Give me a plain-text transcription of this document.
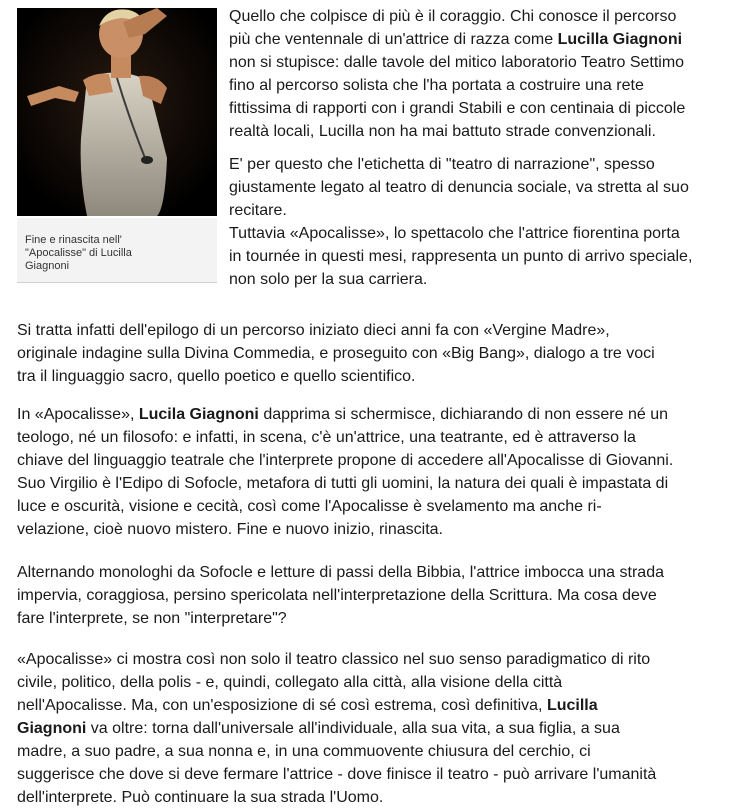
Fine e rinascita nell'
"Apocalisse" di Lucilla
Giagnoni

Quello che colpisce di più è il coraggio. Chi conosce il percorso
più che ventennale di un'attrice di razza come Lucilla Giagnoni
non si stupisce: dalle tavole del mitico laboratorio Teatro Settimo
fino al percorso solista che l'ha portata a costruire una rete
fittissima di rapporti con i grandi Stabili e con centinaia di piccole
realtà locali, Lucilla non ha mai battuto strade convenzionali.

E' per questo che l'etichetta di "teatro di narrazione", spesso
giustamente legato al teatro di denuncia sociale, va stretta al suo
recitare.

Tuttavia «Apocalisse», lo spettacolo che l'attrice fiorentina porta
in tournée in questi mesi, rappresenta un punto di arrivo speciale,
non solo per la sua carriera.

Si tratta infatti dell'epilogo di un percorso iniziato dieci anni fa con «Vergine Madre»,
originale indagine sulla Divina Commedia, e proseguito con «Big Bang», dialogo a tre voci
tra il linguaggio sacro, quello poetico e quello scientifico.

In «Apocalisse», Lucila Giagnoni dapprima si schermisce, dichiarando di non essere né un
teologo, né un filosofo: e infatti, in scena, c'è un'attrice, una teatrante, ed è attraverso la
chiave del linguaggio teatrale che l'interprete propone di accedere all'Apocalisse di Giovanni.
Suo Virgilio è l'Edipo di Sofocle, metafora di tutti gli uomini, la natura dei quali è impastata di
luce e oscurità, visione e cecità, così come l'Apocalisse è svelamento ma anche ri-
velazione, cioè nuovo mistero. Fine e nuovo inizio, rinascita.

Alternando monologhi da Sofocle e letture di passi della Bibbia, l'attrice imbocca una strada
impervia, coraggiosa, persino spericolata nell'interpretazione della Scrittura. Ma cosa deve
fare l'interprete, se non "interpretare"?

«Apocalisse» ci mostra così non solo il teatro classico nel suo senso paradigmatico di rito
civile, politico, della polis - e, quindi, collegato alla città, alla visione della città
nell'Apocalisse. Ma, con un'esposizione di sé così estrema, così definitiva, Lucilla
Giagnoni va oltre: torna dall'universale all'individuale, alla sua vita, a sua figlia, a sua
madre, a suo padre, a sua nonna e, in una commuovente chiusura del cerchio, ci
suggerisce che dove si deve fermare l'attrice - dove finisce il teatro - può arrivare l'umanità
dell'interprete. Può continuare la sua strada l'Uomo.
